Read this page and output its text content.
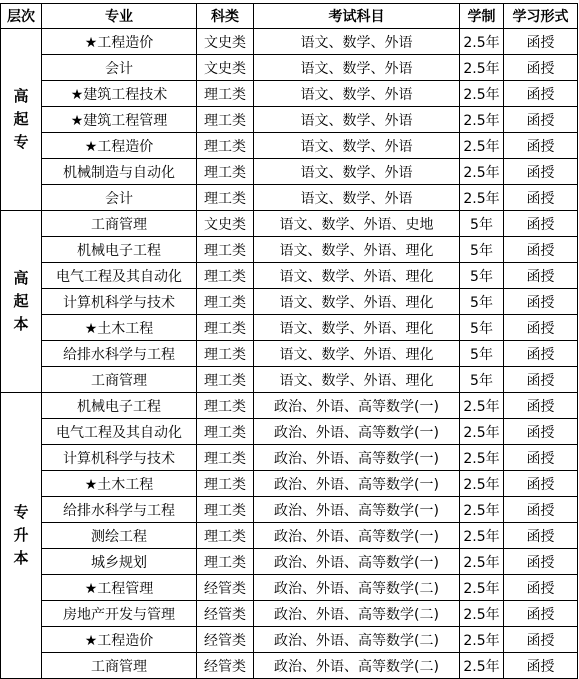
层次	专业	科类	考试科目	学制	学习形式

高
起
专	★工程造价	文史类	语文、数学、外语	2.5年	函授
	会计	文史类	语文、数学、外语	2.5年	函授
	★建筑工程技术	理工类	语文、数学、外语	2.5年	函授
	★建筑工程管理	理工类	语文、数学、外语	2.5年	函授
	★工程造价	理工类	语文、数学、外语	2.5年	函授
	机械制造与自动化	理工类	语文、数学、外语	2.5年	函授
	会计	理工类	语文、数学、外语	2.5年	函授

高
起
本	工商管理	文史类	语文、数学、外语、史地	5年	函授
	机械电子工程	理工类	语文、数学、外语、理化	5年	函授
	电气工程及其自动化	理工类	语文、数学、外语、理化	5年	函授
	计算机科学与技术	理工类	语文、数学、外语、理化	5年	函授
	★土木工程	理工类	语文、数学、外语、理化	5年	函授
	给排水科学与工程	理工类	语文、数学、外语、理化	5年	函授
	工商管理	理工类	语文、数学、外语、理化	5年	函授

专
升
本	机械电子工程	理工类	政治、外语、高等数学(一)	2.5年	函授
	电气工程及其自动化	理工类	政治、外语、高等数学(一)	2.5年	函授
	计算机科学与技术	理工类	政治、外语、高等数学(一)	2.5年	函授
	★土木工程	理工类	政治、外语、高等数学(一)	2.5年	函授
	给排水科学与工程	理工类	政治、外语、高等数学(一)	2.5年	函授
	测绘工程	理工类	政治、外语、高等数学(一)	2.5年	函授
	城乡规划	理工类	政治、外语、高等数学(一)	2.5年	函授
	★工程管理	经管类	政治、外语、高等数学(二)	2.5年	函授
	房地产开发与管理	经管类	政治、外语、高等数学(二)	2.5年	函授
	★工程造价	经管类	政治、外语、高等数学(二)	2.5年	函授
	工商管理	经管类	政治、外语、高等数学(二)	2.5年	函授
